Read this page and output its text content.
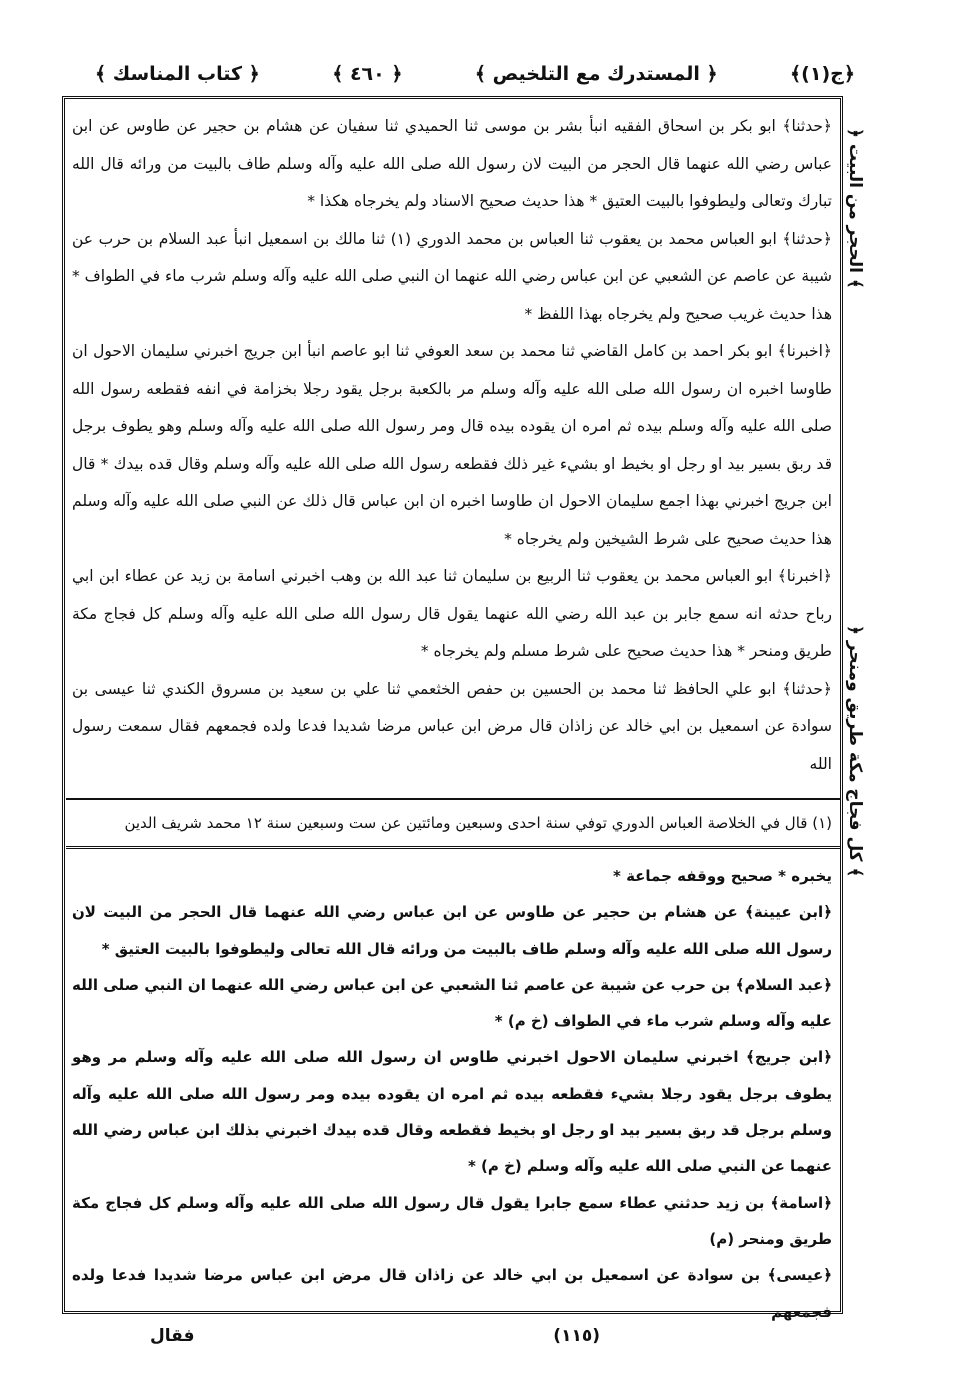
﴿ج(١)﴾
﴿ المستدرك مع التلخيص ﴾
﴿ ٤٦٠ ﴾
﴿ كتاب المناسك ﴾

﴿حدثنا﴾ ابو بكر بن اسحاق الفقيه انبأ بشر بن موسى ثنا الحميدي ثنا سفيان عن هشام بن حجير عن طاوس عن ابن عباس رضي الله عنهما قال الحجر من البيت لان رسول الله صلى الله عليه وآله وسلم طاف بالبيت من ورائه قال الله تبارك وتعالى وليطوفوا بالبيت العتيق * هذا حديث صحيح الاسناد ولم يخرجاه هكذا *

﴿حدثنا﴾ ابو العباس محمد بن يعقوب ثنا العباس بن محمد الدوري (١) ثنا مالك بن اسمعيل انبأ عبد السلام بن حرب عن شيبة عن عاصم عن الشعبي عن ابن عباس رضي الله عنهما ان النبي صلى الله عليه وآله وسلم شرب ماء في الطواف * هذا حديث غريب صحيح ولم يخرجاه بهذا اللفظ *

﴿اخبرنا﴾ ابو بكر احمد بن كامل القاضي ثنا محمد بن سعد العوفي ثنا ابو عاصم انبأ ابن جريج اخبرني سليمان الاحول ان طاوسا اخبره ان رسول الله صلى الله عليه وآله وسلم مر بالكعبة برجل يقود رجلا بخزامة في انفه فقطعه رسول الله صلى الله عليه وآله وسلم بيده ثم امره ان يقوده بيده قال ومر رسول الله صلى الله عليه وآله وسلم وهو يطوف برجل قد ربق بسير بيد او رجل او بخيط او بشيء غير ذلك فقطعه رسول الله صلى الله عليه وآله وسلم وقال قده بيدك * قال ابن جريج اخبرني بهذا اجمع سليمان الاحول ان طاوسا اخبره ان ابن عباس قال ذلك عن النبي صلى الله عليه وآله وسلم هذا حديث صحيح على شرط الشيخين ولم يخرجاه *

﴿اخبرنا﴾ ابو العباس محمد بن يعقوب ثنا الربيع بن سليمان ثنا عبد الله بن وهب اخبرني اسامة بن زيد عن عطاء ابن ابي رباح حدثه انه سمع جابر بن عبد الله رضي الله عنهما يقول قال رسول الله صلى الله عليه وآله وسلم كل فجاج مكة طريق ومنحر * هذا حديث صحيح على شرط مسلم ولم يخرجاه *

﴿حدثنا﴾ ابو علي الحافظ ثنا محمد بن الحسين بن حفص الخثعمي ثنا علي بن سعيد بن مسروق الكندي ثنا عيسى بن سوادة عن اسمعيل بن ابي خالد عن زاذان قال مرض ابن عباس مرضا شديدا فدعا ولده فجمعهم فقال سمعت رسول الله

(١) قال في الخلاصة العباس الدوري توفي سنة احدى وسبعين ومائتين عن ست وسبعين سنة ١٢ محمد شريف الدين

يخبره * صحيح ووقفه جماعة *

﴿ابن عيينة﴾ عن هشام بن حجير عن طاوس عن ابن عباس رضي الله عنهما قال الحجر من البيت لان رسول الله صلى الله عليه وآله وسلم طاف بالبيت من ورائه قال الله تعالى وليطوفوا بالبيت العتيق *

﴿عبد السلام﴾ بن حرب عن شيبة عن عاصم ثنا الشعبي عن ابن عباس رضي الله عنهما ان النبي صلى الله عليه وآله وسلم شرب ماء في الطواف (خ م) *

﴿ابن جريج﴾ اخبرني سليمان الاحول اخبرني طاوس ان رسول الله صلى الله عليه وآله وسلم مر وهو يطوف برجل يقود رجلا بشيء فقطعه بيده ثم امره ان يقوده بيده ومر رسول الله صلى الله عليه وآله وسلم برجل قد ربق بسير بيد او رجل او بخيط فقطعه وقال قده بيدك اخبرني بذلك ابن عباس رضي الله عنهما عن النبي صلى الله عليه وآله وسلم (خ م) *

﴿اسامة﴾ بن زيد حدثني عطاء سمع جابرا يقول قال رسول الله صلى الله عليه وآله وسلم كل فجاج مكة طريق ومنحر (م)

﴿عيسى﴾ بن سوادة عن اسمعيل بن ابي خالد عن زاذان قال مرض ابن عباس مرضا شديدا فدعا ولده فجمعهم

﴿ الحجر من البيت ﴾
﴿ كل فجاج مكة طريق ومنحر ﴾
فقال	(١١٥)
